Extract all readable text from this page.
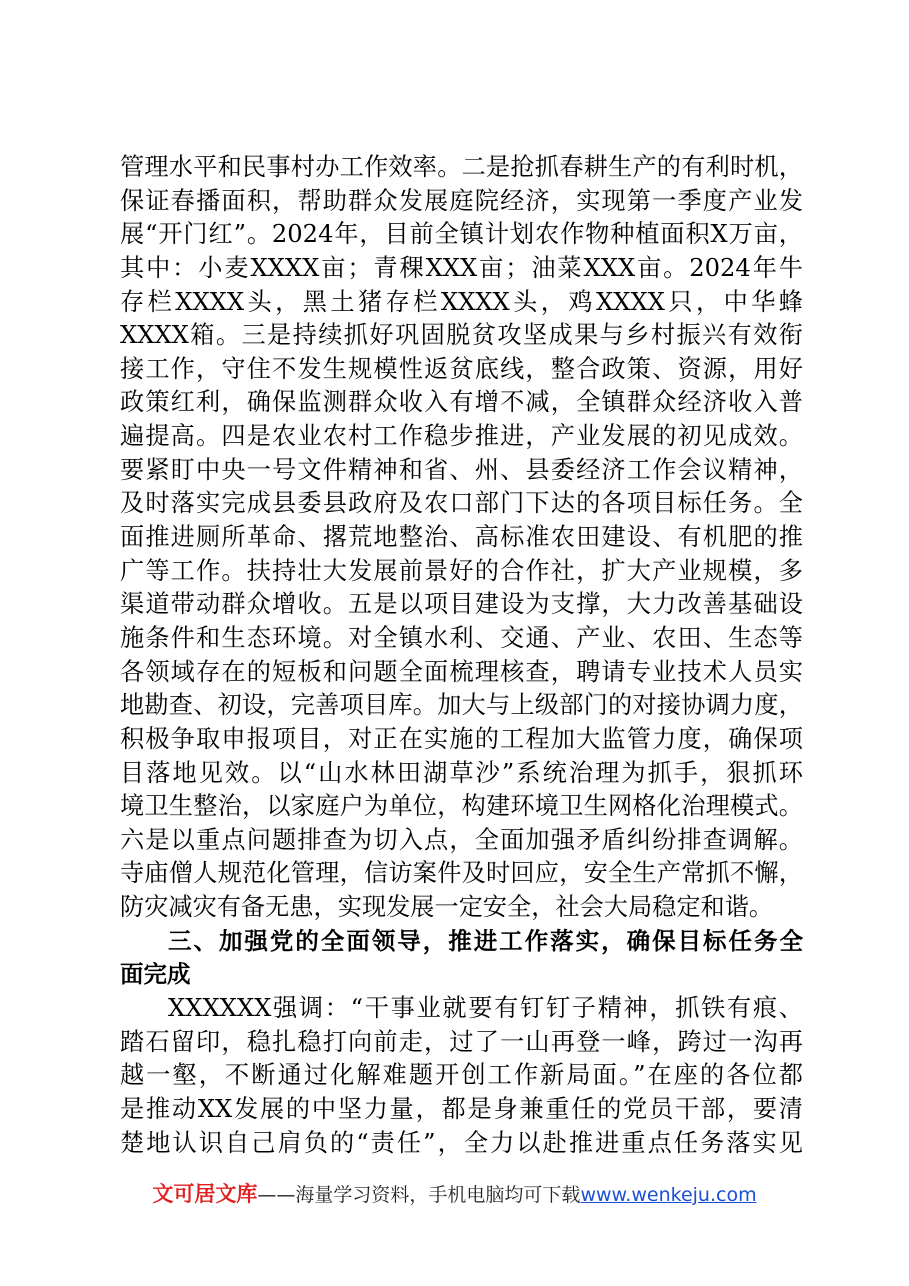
管理水平和民事村办工作效率。二是抢抓春耕生产的有利时机，
保证春播面积，帮助群众发展庭院经济，实现第一季度产业发
展“开门红”。2024年，目前全镇计划农作物种植面积X万亩，
其中：小麦XXXX亩；青稞XXX亩；油菜XXX亩。2024年牛
存栏XXXX头，黑土猪存栏XXXX头，鸡XXXX只，中华蜂
XXXX箱。三是持续抓好巩固脱贫攻坚成果与乡村振兴有效衔
接工作，守住不发生规模性返贫底线，整合政策、资源，用好
政策红利，确保监测群众收入有增不减，全镇群众经济收入普
遍提高。四是农业农村工作稳步推进，产业发展的初见成效。
要紧盯中央一号文件精神和省、州、县委经济工作会议精神，
及时落实完成县委县政府及农口部门下达的各项目标任务。全
面推进厕所革命、撂荒地整治、高标准农田建设、有机肥的推
广等工作。扶持壮大发展前景好的合作社，扩大产业规模，多
渠道带动群众增收。五是以项目建设为支撑，大力改善基础设
施条件和生态环境。对全镇水利、交通、产业、农田、生态等
各领域存在的短板和问题全面梳理核查，聘请专业技术人员实
地勘查、初设，完善项目库。加大与上级部门的对接协调力度，
积极争取申报项目，对正在实施的工程加大监管力度，确保项
目落地见效。以“山水林田湖草沙”系统治理为抓手，狠抓环
境卫生整治，以家庭户为单位，构建环境卫生网格化治理模式。
六是以重点问题排查为切入点，全面加强矛盾纠纷排查调解。
寺庙僧人规范化管理，信访案件及时回应，安全生产常抓不懈，
防灾减灾有备无患，实现发展一定安全，社会大局稳定和谐。
三、加强党的全面领导，推进工作落实，确保目标任务全
面完成
XXXXXX强调：“干事业就要有钉钉子精神，抓铁有痕、
踏石留印，稳扎稳打向前走，过了一山再登一峰，跨过一沟再
越一壑，不断通过化解难题开创工作新局面。”在座的各位都
是推动XX发展的中坚力量，都是身兼重任的党员干部，要清
楚地认识自己肩负的“责任”，全力以赴推进重点任务落实见
文可居文库——海量学习资料，手机电脑均可下载www.wenkeju.com
